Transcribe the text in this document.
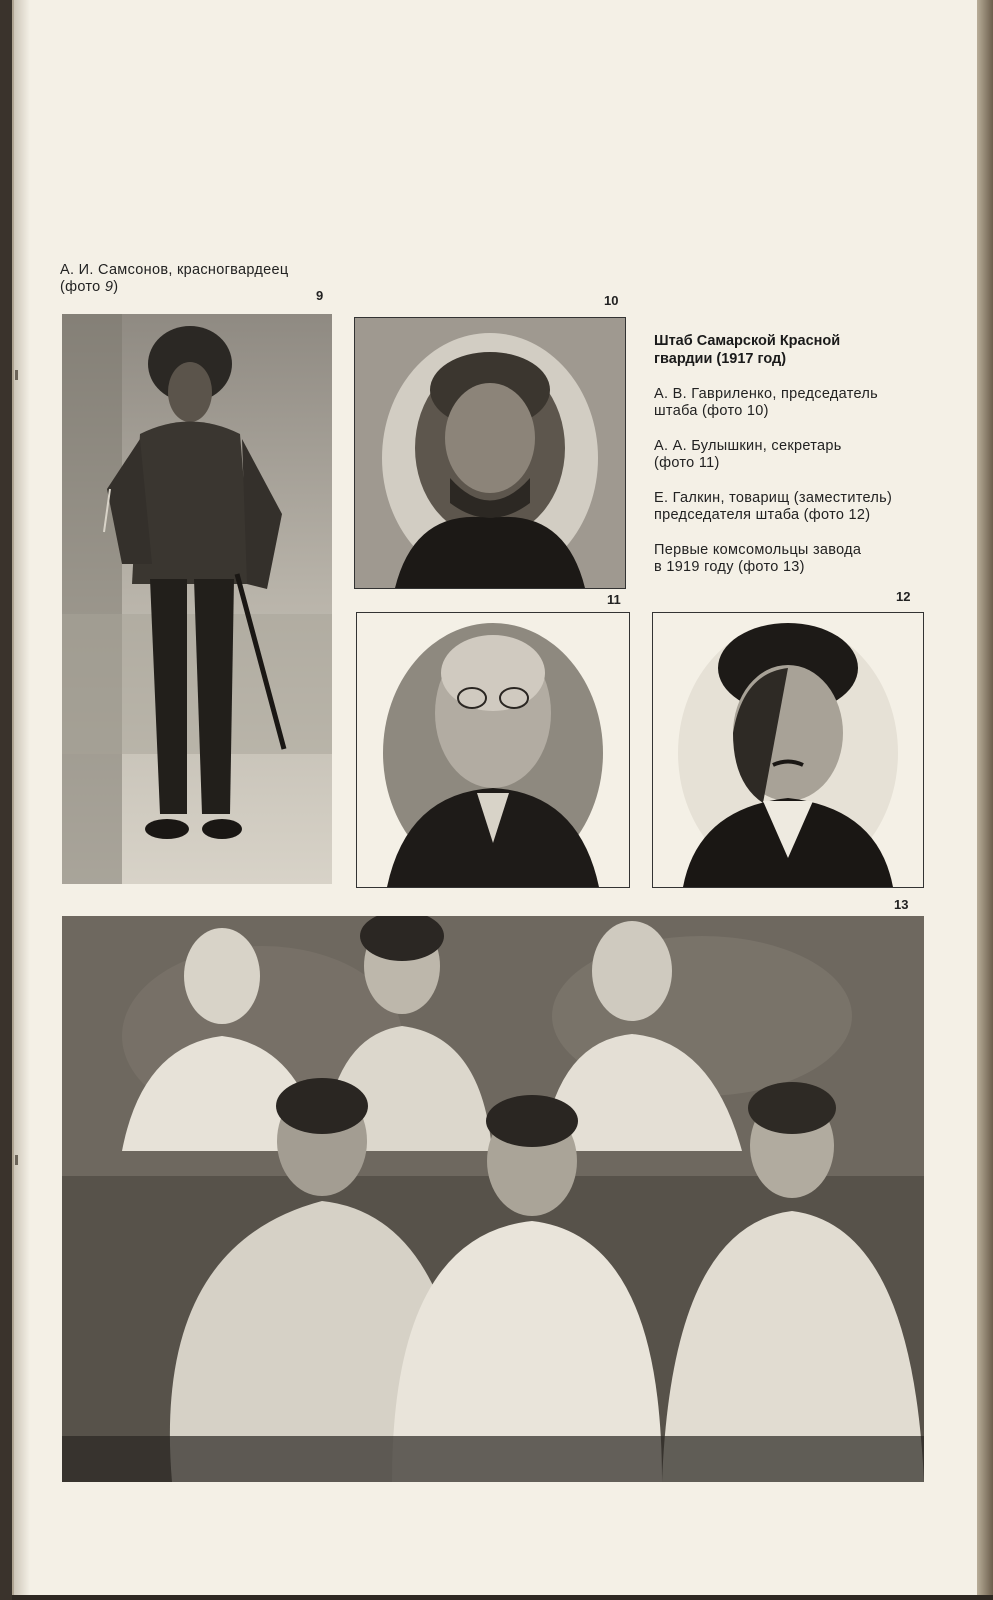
А. И. Самсонов, красногвардеец
(фото 9)
9	10
11	12
13
Штаб Самарской Красной
гвардии (1917 год)
А. В. Гавриленко, председатель
штаба (фото 10)
А. А. Булышкин, секретарь
(фото 11)
Е. Галкин, товарищ (заместитель)
председателя штаба (фото 12)
Первые комсомольцы завода
в 1919 году (фото 13)
